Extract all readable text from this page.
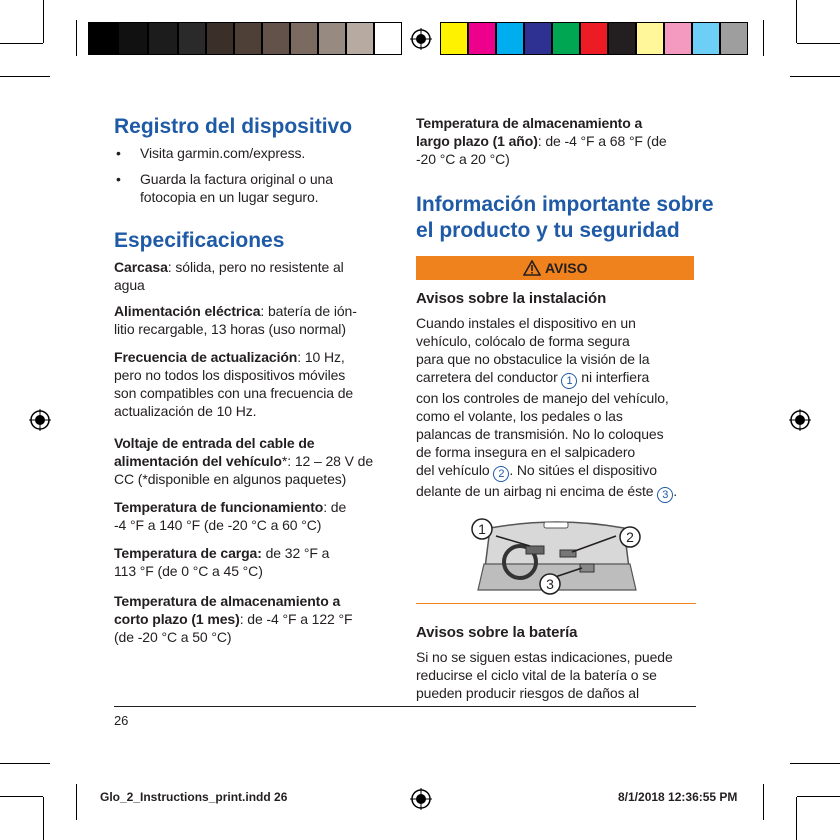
Registro del dispositivo
• Visita garmin.com/express.

• Guarda la factura original o una

fotocopia en un lugar seguro.

Especificaciones

Carcasa: sólida, pero no resistente al
agua

Alimentación eléctrica: batería de ión-
litio recargable, 13 horas (uso normal)

Frecuencia de actualización: 10 Hz,
pero no todos los dispositivos móviles
son compatibles con una frecuencia de
actualización de 10 Hz.

Voltaje de entrada del cable de
alimentación del vehículo*: 12 – 28 V de
CC (*disponible en algunos paquetes)

Temperatura de funcionamiento: de
-4 °F a 140 °F (de -20 °C a 60 °C)

Temperatura de carga: de 32 °F a
113 °F (de 0 °C a 45 °C)

Temperatura de almacenamiento a
corto plazo (1 mes): de -4 °F a 122 °F
(de -20 °C a 50 °C)

26

Temperatura de almacenamiento a
largo plazo (1 año): de -4 °F a 68 °F (de
-20 °C a 20 °C)

Información importante sobre
el producto y tu seguridad
AVISO

Avisos sobre la instalación

Cuando instales el dispositivo en un
vehículo, colócalo de forma segura
para que no obstaculice la visión de la
carretera del conductor 1 ni interfiera
con los controles de manejo del vehículo,
como el volante, los pedales o las
palancas de transmisión. No lo coloques
de forma insegura en el salpicadero
del vehículo 2 . No sitúes el dispositivo
delante de un airbag ni encima de éste 3 .

1	2
3

Avisos sobre la batería

Si no se siguen estas indicaciones, puede
reducirse el ciclo vital de la batería o se
pueden producir riesgos de daños al

Glo_2_Instructions_print.indd 26	8/1/2018 12:36:55 PM
